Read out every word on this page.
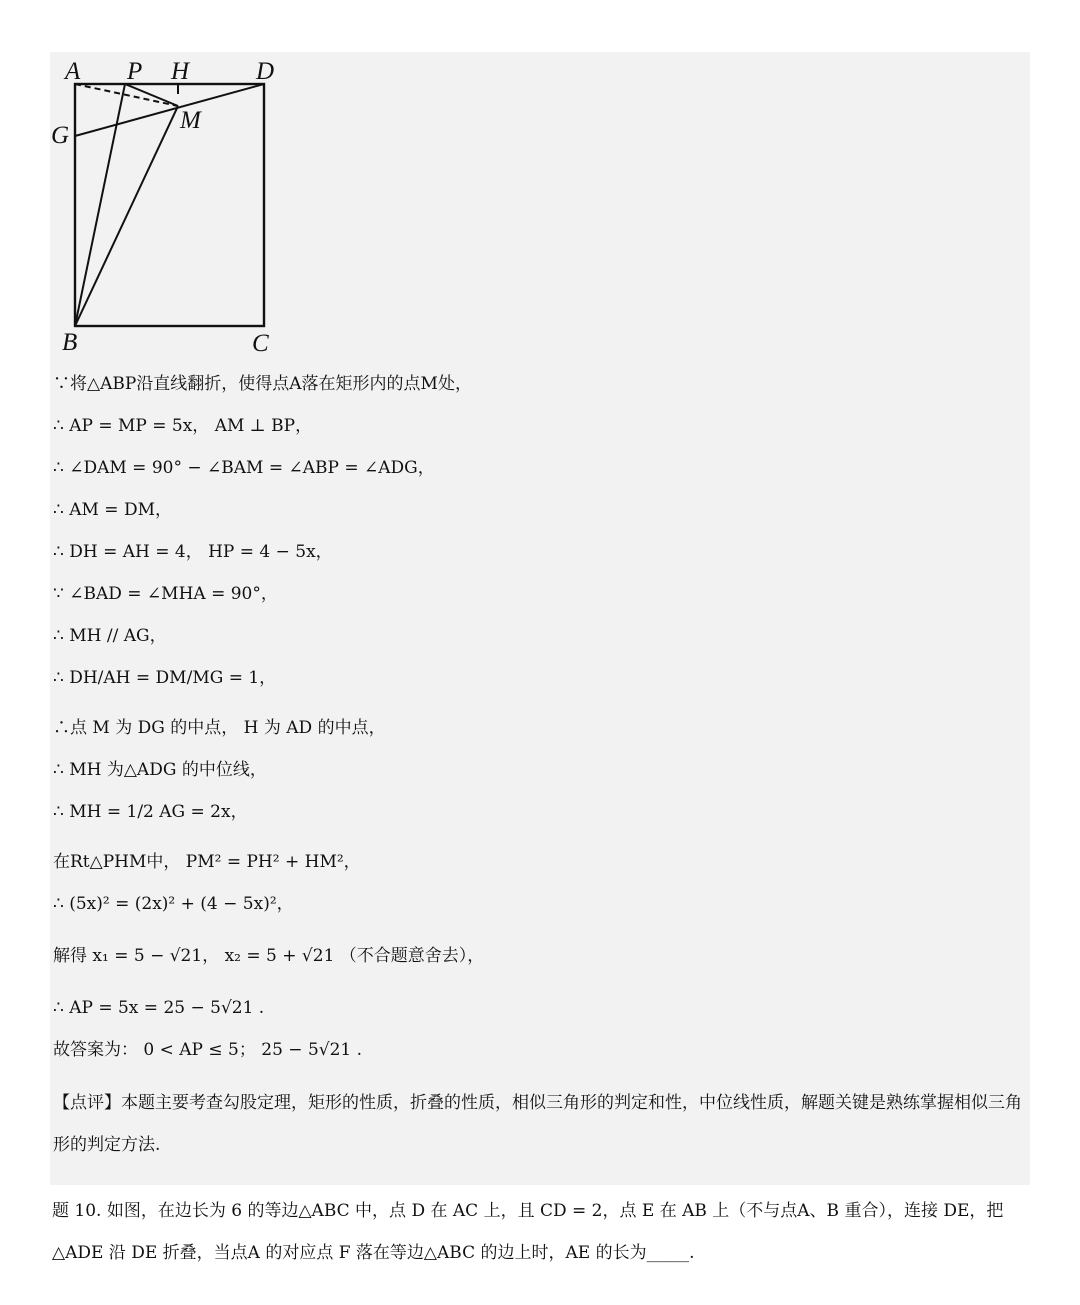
A P H	D
G
M
B	C
∵将△ABP沿直线翻折，使得点A落在矩形内的点M处，
∴ AP = MP = 5x， AM ⊥ BP，
∴ ∠DAM = 90° − ∠BAM = ∠ABP = ∠ADG，
∴ AM = DM，
∴ DH = AH = 4， HP = 4 − 5x，
∵ ∠BAD = ∠MHA = 90°，
∴ MH // AG，
∴ DH/AH = DM/MG = 1，
∴点 M 为 DG 的中点， H 为 AD 的中点，
∴ MH 为△ADG 的中位线，
∴ MH = 1/2 AG = 2x，
在Rt△PHM中， PM² = PH² + HM²，
∴ (5x)² = (2x)² + (4 − 5x)²，
解得 x₁ = 5 − √21， x₂ = 5 + √21 （不合题意舍去），
∴ AP = 5x = 25 − 5√21 .
故答案为： 0 < AP ≤ 5； 25 − 5√21 .
【点评】本题主要考查勾股定理，矩形的性质，折叠的性质，相似三角形的判定和性，中位线性质，解题关键是熟练掌握相似三角形的判定方法.
题 10. 如图，在边长为 6 的等边△ABC 中，点 D 在 AC 上，且 CD = 2，点 E 在 AB 上（不与点A、B 重合），连接 DE，把△ADE 沿 DE 折叠，当点A 的对应点 F 落在等边△ABC 的边上时，AE 的长为_____.
